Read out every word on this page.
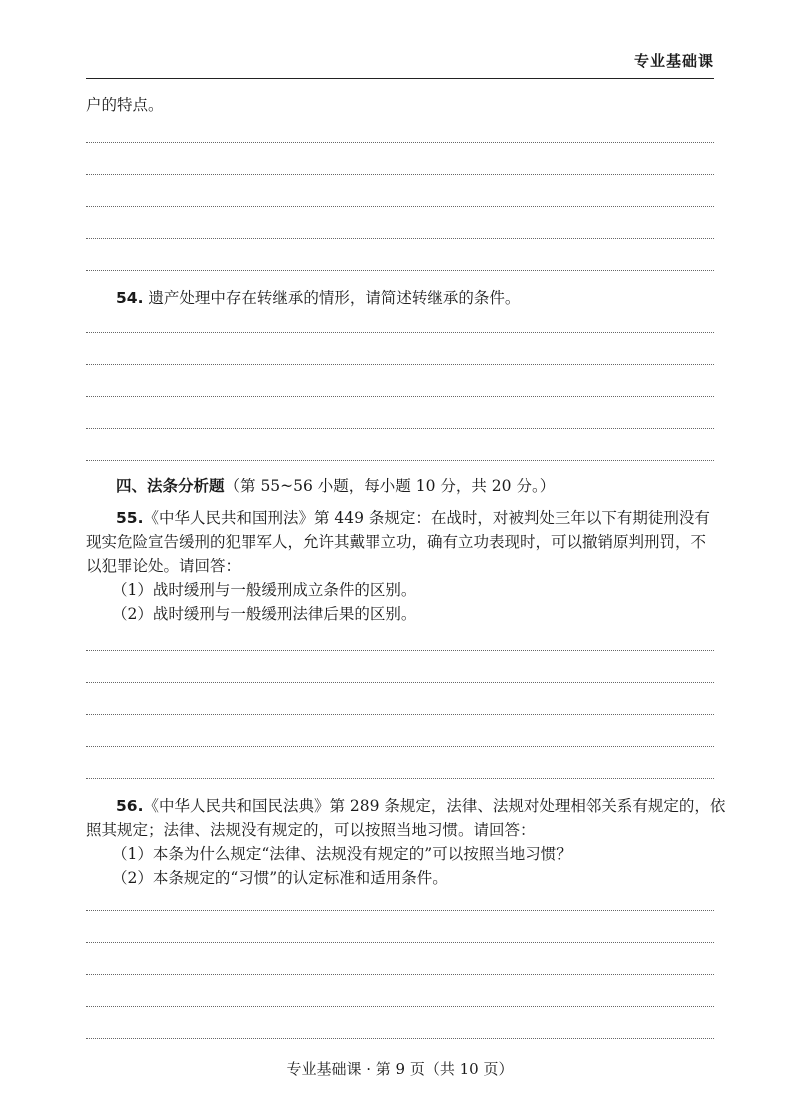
专业基础课
户的特点。
54. 遗产处理中存在转继承的情形，请简述转继承的条件。
四、法条分析题（第 55~56 小题，每小题 10 分，共 20 分。）
55.《中华人民共和国刑法》第 449 条规定：在战时，对被判处三年以下有期徒刑没有
现实危险宣告缓刑的犯罪军人，允许其戴罪立功，确有立功表现时，可以撤销原判刑罚，不
以犯罪论处。请回答：
（1）战时缓刑与一般缓刑成立条件的区别。
（2）战时缓刑与一般缓刑法律后果的区别。
56.《中华人民共和国民法典》第 289 条规定，法律、法规对处理相邻关系有规定的，依
照其规定；法律、法规没有规定的，可以按照当地习惯。请回答：
（1）本条为什么规定“法律、法规没有规定的”可以按照当地习惯？
（2）本条规定的“习惯”的认定标准和适用条件。
专业基础课 · 第 9 页（共 10 页）
